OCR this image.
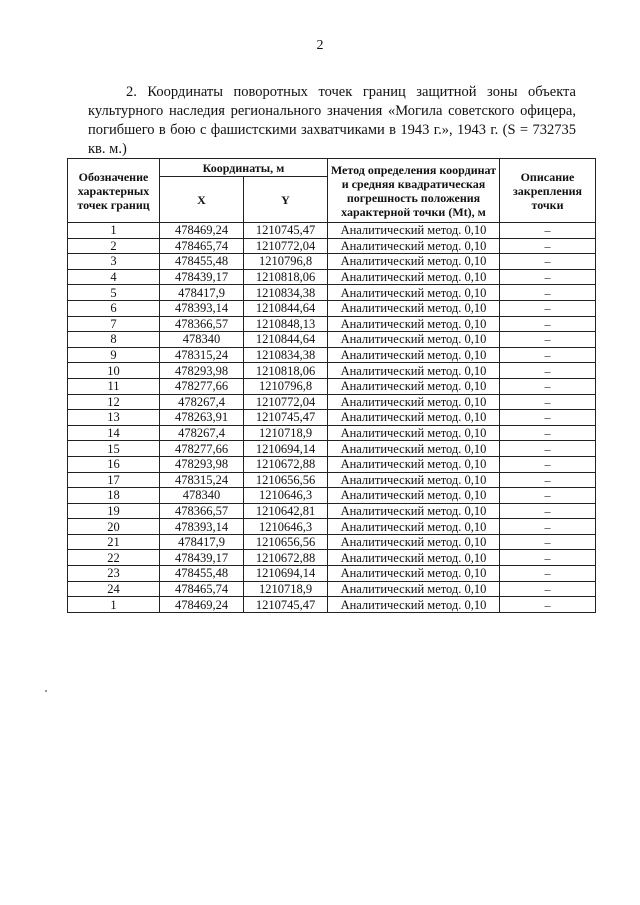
2

2. Координаты поворотных точек границ защитной зоны объекта культурного наследия регионального значения «Могила советского офицера, погибшего в бою с фашистскими захватчиками в 1943 г.», 1943 г. (S = 732735 кв. м.)

Обозначение характерных точек границ	Координаты, м		Метод определения координат и средняя квадратическая погрешность положения характерной точки (Mt), м	Описание закрепления точки
	X	Y		
1	478469,24	1210745,47	Аналитический метод. 0,10	–
2	478465,74	1210772,04	Аналитический метод. 0,10	–
3	478455,48	1210796,8	Аналитический метод. 0,10	–
4	478439,17	1210818,06	Аналитический метод. 0,10	–
5	478417,9	1210834,38	Аналитический метод. 0,10	–
6	478393,14	1210844,64	Аналитический метод. 0,10	–
7	478366,57	1210848,13	Аналитический метод. 0,10	–
8	478340	1210844,64	Аналитический метод. 0,10	–
9	478315,24	1210834,38	Аналитический метод. 0,10	–
10	478293,98	1210818,06	Аналитический метод. 0,10	–
11	478277,66	1210796,8	Аналитический метод. 0,10	–
12	478267,4	1210772,04	Аналитический метод. 0,10	–
13	478263,91	1210745,47	Аналитический метод. 0,10	–
14	478267,4	1210718,9	Аналитический метод. 0,10	–
15	478277,66	1210694,14	Аналитический метод. 0,10	–
16	478293,98	1210672,88	Аналитический метод. 0,10	–
17	478315,24	1210656,56	Аналитический метод. 0,10	–
18	478340	1210646,3	Аналитический метод. 0,10	–
19	478366,57	1210642,81	Аналитический метод. 0,10	–
20	478393,14	1210646,3	Аналитический метод. 0,10	–
21	478417,9	1210656,56	Аналитический метод. 0,10	–
22	478439,17	1210672,88	Аналитический метод. 0,10	–
23	478455,48	1210694,14	Аналитический метод. 0,10	–
24	478465,74	1210718,9	Аналитический метод. 0,10	–
1	478469,24	1210745,47	Аналитический метод. 0,10	–
